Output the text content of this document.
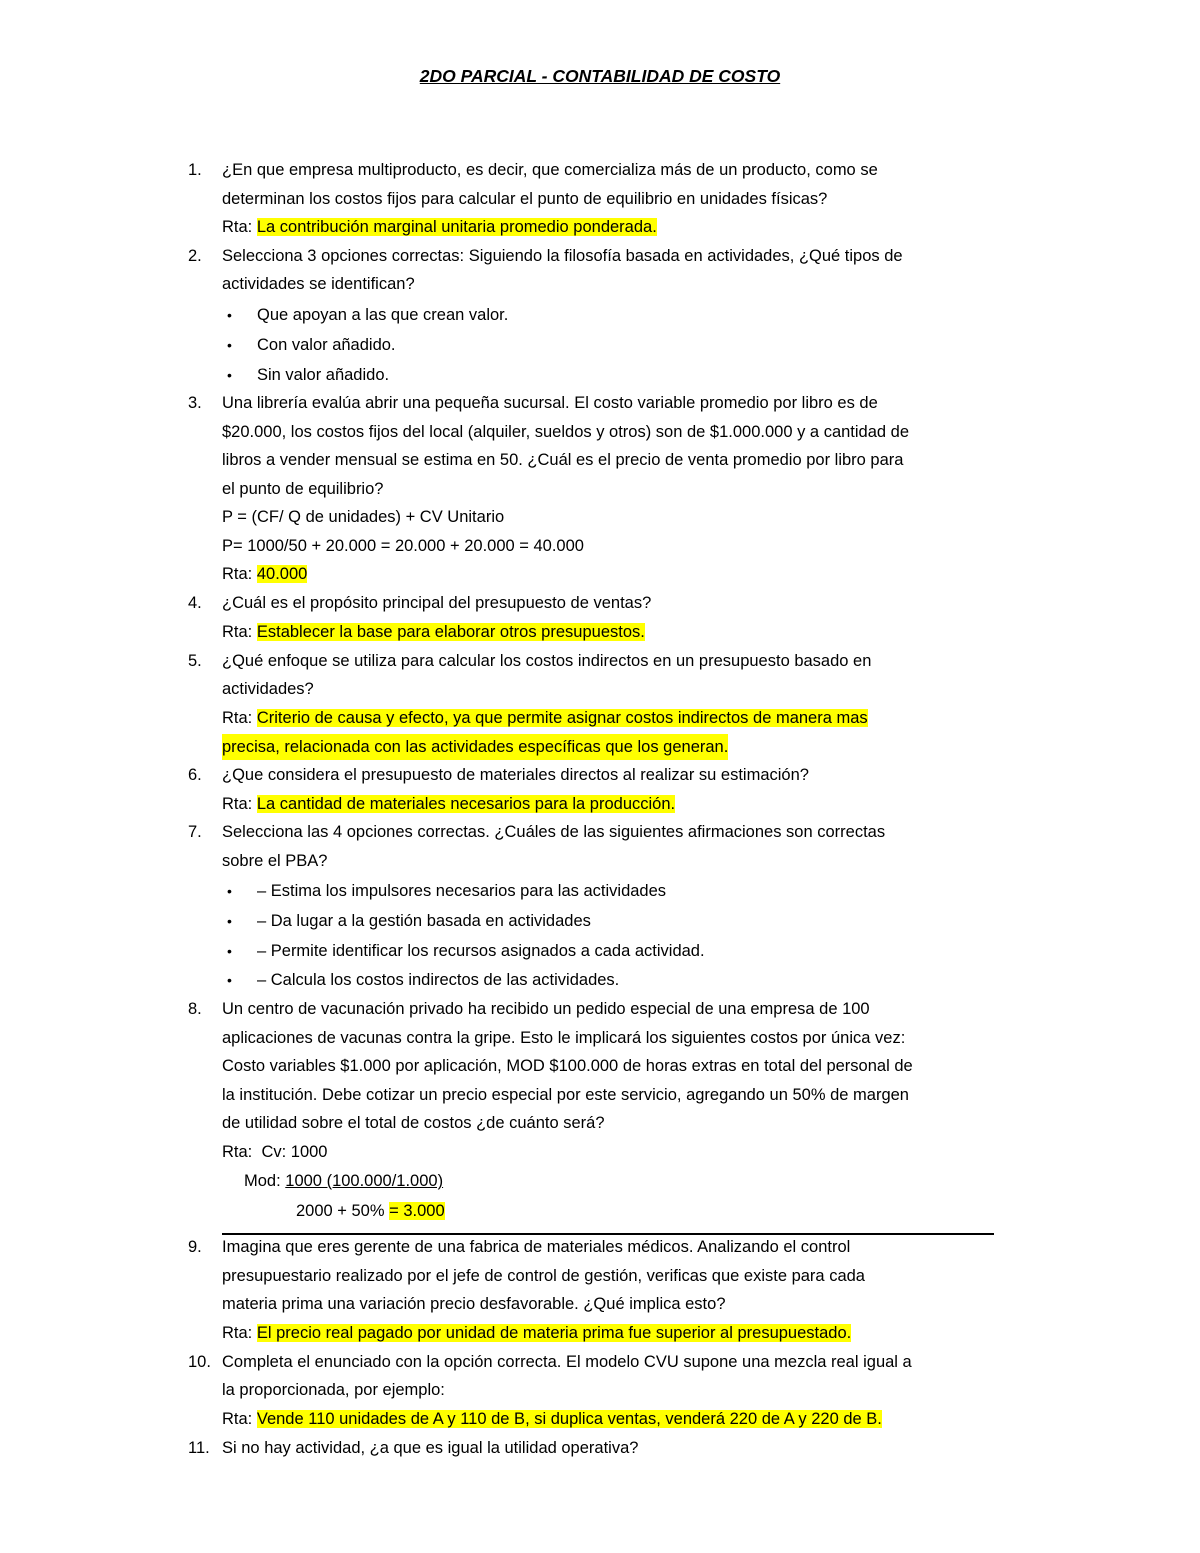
2DO PARCIAL - CONTABILIDAD DE COSTO
1.	¿En que empresa multiproducto, es decir, que comercializa más de un producto, como se
determinan los costos fijos para calcular el punto de equilibrio en unidades físicas?
Rta: La contribución marginal unitaria promedio ponderada.
2.	Selecciona 3 opciones correctas: Siguiendo la filosofía basada en actividades, ¿Qué tipos de
actividades se identifican?
• Que apoyan a las que crean valor.
• Con valor añadido.
• Sin valor añadido.
3.	Una librería evalúa abrir una pequeña sucursal. El costo variable promedio por libro es de
$20.000, los costos fijos del local (alquiler, sueldos y otros) son de $1.000.000 y a cantidad de
libros a vender mensual se estima en 50. ¿Cuál es el precio de venta promedio por libro para
el punto de equilibrio?
P = (CF/ Q de unidades) + CV Unitario
P= 1000/50 + 20.000 = 20.000 + 20.000 = 40.000
Rta: 40.000
4.	¿Cuál es el propósito principal del presupuesto de ventas?
Rta: Establecer la base para elaborar otros presupuestos.
5.	¿Qué enfoque se utiliza para calcular los costos indirectos en un presupuesto basado en
actividades?
Rta: Criterio de causa y efecto, ya que permite asignar costos indirectos de manera mas
precisa, relacionada con las actividades específicas que los generan.
6.	¿Que considera el presupuesto de materiales directos al realizar su estimación?
Rta: La cantidad de materiales necesarios para la producción.
7.	Selecciona las 4 opciones correctas. ¿Cuáles de las siguientes afirmaciones son correctas
sobre el PBA?
• – Estima los impulsores necesarios para las actividades
• – Da lugar a la gestión basada en actividades
• – Permite identificar los recursos asignados a cada actividad.
• – Calcula los costos indirectos de las actividades.
8.	Un centro de vacunación privado ha recibido un pedido especial de una empresa de 100
aplicaciones de vacunas contra la gripe. Esto le implicará los siguientes costos por única vez:
Costo variables $1.000 por aplicación, MOD $100.000 de horas extras en total del personal de
la institución. Debe cotizar un precio especial por este servicio, agregando un 50% de margen
de utilidad sobre el total de costos ¿de cuánto será?
Rta: Cv: 1000
Mod: 1000 (100.000/1.000)
2000 + 50% = 3.000
9.	Imagina que eres gerente de una fabrica de materiales médicos. Analizando el control
presupuestario realizado por el jefe de control de gestión, verificas que existe para cada
materia prima una variación precio desfavorable. ¿Qué implica esto?
Rta: El precio real pagado por unidad de materia prima fue superior al presupuestado.
10. Completa el enunciado con la opción correcta. El modelo CVU supone una mezcla real igual a
la proporcionada, por ejemplo:
Rta: Vende 110 unidades de A y 110 de B, si duplica ventas, venderá 220 de A y 220 de B.
11. Si no hay actividad, ¿a que es igual la utilidad operativa?
